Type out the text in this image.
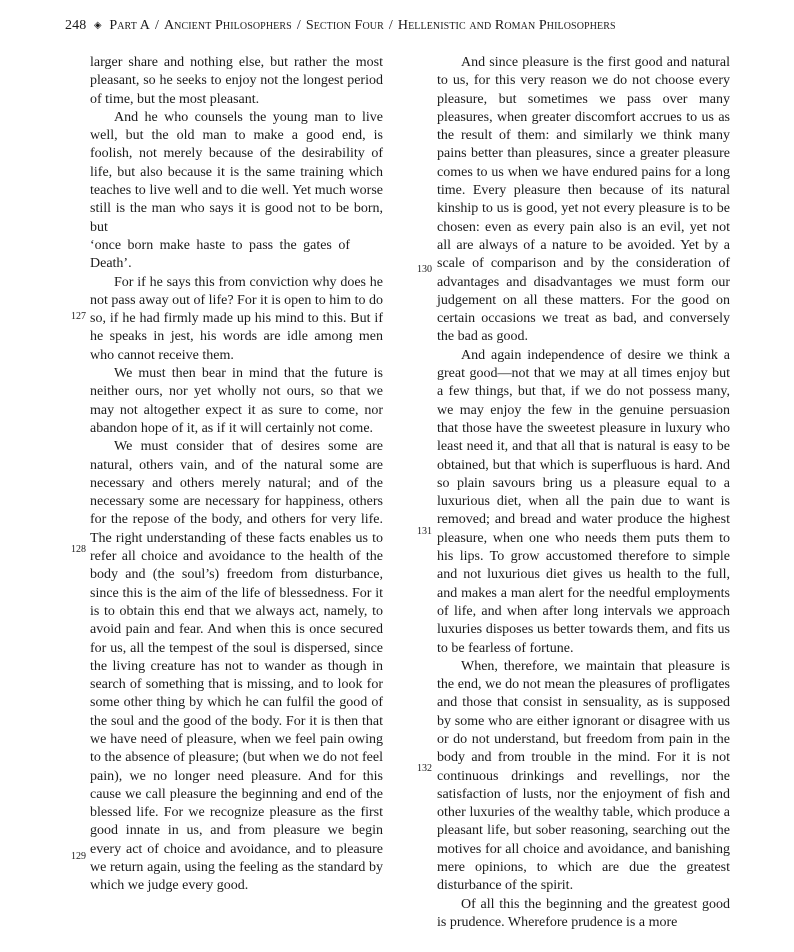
248 ◈ Part A / Ancient Philosophers / Section Four / Hellenistic and Roman Philosophers

larger share and nothing else, but rather the most pleasant, so he seeks to enjoy not the longest period of time, but the most pleasant.

And he who counsels the young man to live well, but the old man to make a good end, is foolish, not merely because of the desirability of life, but also because it is the same training which teaches to live well and to die well. Yet much worse still is the man who says it is good not to be born, but

‘once born make haste to pass the gates of Death’.

For if he says this from conviction why does he not pass away out of life? For it is open to him to do so, if he had firmly made up his mind to this. But if he speaks in jest, his words are idle among men who cannot receive them.

We must then bear in mind that the future is neither ours, nor yet wholly not ours, so that we may not altogether expect it as sure to come, nor abandon hope of it, as if it will certainly not come.

We must consider that of desires some are natural, others vain, and of the natural some are necessary and others merely natural; and of the necessary some are necessary for happiness, others for the repose of the body, and others for very life. The right understanding of these facts enables us to refer all choice and avoidance to the health of the body and (the soul’s) freedom from disturbance, since this is the aim of the life of blessedness. For it is to obtain this end that we always act, namely, to avoid pain and fear. And when this is once secured for us, all the tempest of the soul is dispersed, since the living creature has not to wander as though in search of something that is missing, and to look for some other thing by which he can fulfil the good of the soul and the good of the body. For it is then that we have need of pleasure, when we feel pain owing to the absence of pleasure; (but when we do not feel pain), we no longer need pleasure. And for this cause we call pleasure the beginning and end of the blessed life. For we recognize pleasure as the first good innate in us, and from pleasure we begin every act of choice and avoidance, and to pleasure we return again, using the feeling as the standard by which we judge every good.

And since pleasure is the first good and natural to us, for this very reason we do not choose every pleasure, but sometimes we pass over many pleasures, when greater discomfort accrues to us as the result of them: and similarly we think many pains better than pleasures, since a greater pleasure comes to us when we have endured pains for a long time. Every pleasure then because of its natural kinship to us is good, yet not every pleasure is to be chosen: even as every pain also is an evil, yet not all are always of a nature to be avoided. Yet by a scale of comparison and by the consideration of advantages and disadvantages we must form our judgement on all these matters. For the good on certain occasions we treat as bad, and conversely the bad as good.

And again independence of desire we think a great good—not that we may at all times enjoy but a few things, but that, if we do not possess many, we may enjoy the few in the genuine persuasion that those have the sweetest pleasure in luxury who least need it, and that all that is natural is easy to be obtained, but that which is superfluous is hard. And so plain savours bring us a pleasure equal to a luxurious diet, when all the pain due to want is removed; and bread and water produce the highest pleasure, when one who needs them puts them to his lips. To grow accustomed therefore to simple and not luxurious diet gives us health to the full, and makes a man alert for the needful employments of life, and when after long intervals we approach luxuries disposes us better towards them, and fits us to be fearless of fortune.

When, therefore, we maintain that pleasure is the end, we do not mean the pleasures of profligates and those that consist in sensuality, as is supposed by some who are either ignorant or disagree with us or do not understand, but freedom from pain in the body and from trouble in the mind. For it is not continuous drinkings and revellings, nor the satisfaction of lusts, nor the enjoyment of fish and other luxuries of the wealthy table, which produce a pleasant life, but sober reasoning, searching out the motives for all choice and avoidance, and banishing mere opinions, to which are due the greatest disturbance of the spirit.

Of all this the beginning and the greatest good is prudence. Wherefore prudence is a more

127
128
129
130
131
132
